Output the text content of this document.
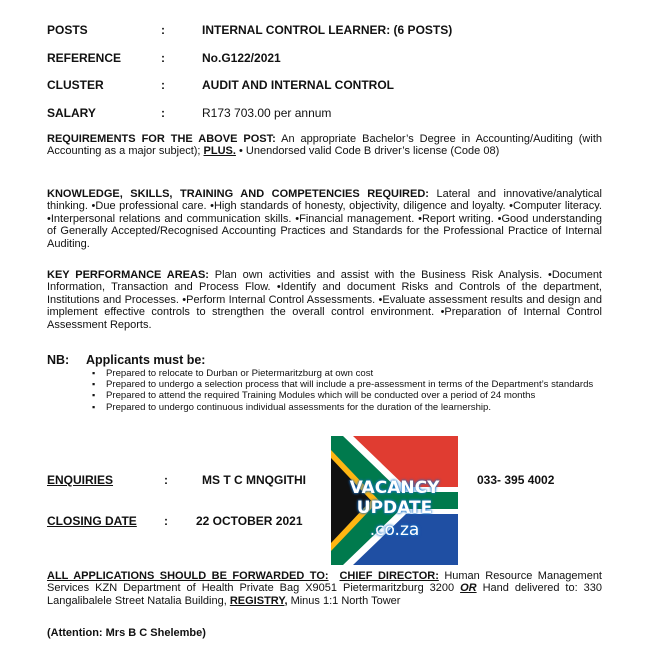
POSTS	:	INTERNAL CONTROL LEARNER: (6 POSTS)
REFERENCE	:	No.G122/2021
CLUSTER	:	AUDIT AND INTERNAL CONTROL
SALARY	:	R173 703.00 per annum
REQUIREMENTS FOR THE ABOVE POST: An appropriate Bachelor’s Degree in Accounting/Auditing (with Accounting as a major subject); PLUS. • Unendorsed valid Code B driver’s license (Code 08)
KNOWLEDGE, SKILLS, TRAINING AND COMPETENCIES REQUIRED: Lateral and innovative/analytical thinking. •Due professional care. •High standards of honesty, objectivity, diligence and loyalty. •Computer literacy. •Interpersonal relations and communication skills. •Financial management. •Report writing. •Good understanding of Generally Accepted/Recognised Accounting Practices and Standards for the Professional Practice of Internal Auditing.
KEY PERFORMANCE AREAS: Plan own activities and assist with the Business Risk Analysis. •Document Information, Transaction and Process Flow. •Identify and document Risks and Controls of the department, Institutions and Processes. •Perform Internal Control Assessments. •Evaluate assessment results and design and implement effective controls to strengthen the overall control environment. •Preparation of Internal Control Assessment Reports.
NB: Applicants must be:
▪ Prepared to relocate to Durban or Pietermaritzburg at own cost
▪ Prepared to undergo a selection process that will include a pre-assessment in terms of the Department’s standards
▪ Prepared to attend the required Training Modules which will be conducted over a period of 24 months
▪ Prepared to undergo continuous individual assessments for the duration of the learnership.
ENQUIRIES	:	MS T C MNQGITHI	033- 395 4002
CLOSING DATE : 22 OCTOBER 2021
VACANCY
UPDATE
.co.za
ALL APPLICATIONS SHOULD BE FORWARDED TO: CHIEF DIRECTOR: Human Resource Management Services KZN Department of Health Private Bag X9051 Pietermaritzburg 3200 OR Hand delivered to: 330 Langalibalele Street Natalia Building, REGISTRY, Minus 1:1 North Tower
(Attention: Mrs B C Shelembe)
